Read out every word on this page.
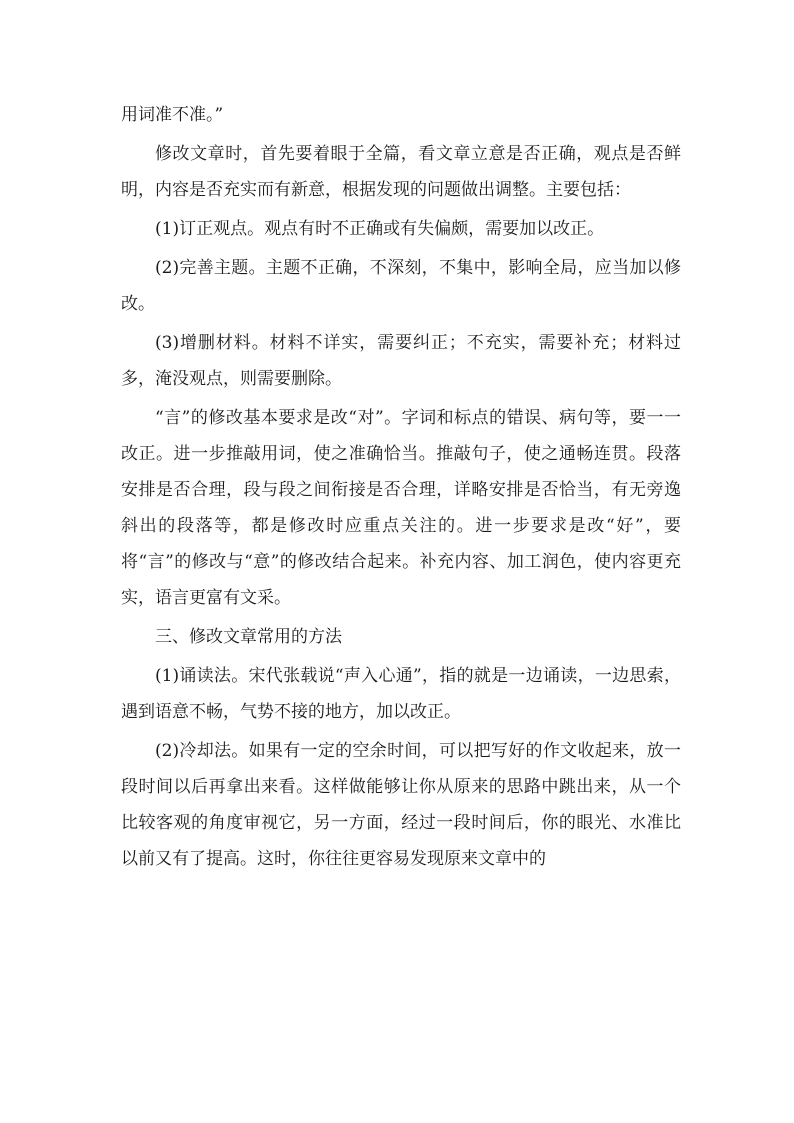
用词准不准。”

修改文章时，首先要着眼于全篇，看文章立意是否正确，观点是否鲜明，内容是否充实而有新意，根据发现的问题做出调整。主要包括：

(1)订正观点。观点有时不正确或有失偏颇，需要加以改正。

(2)完善主题。主题不正确，不深刻，不集中，影响全局，应当加以修改。

(3)增删材料。材料不详实，需要纠正；不充实，需要补充；材料过多，淹没观点，则需要删除。

“言”的修改基本要求是改“对”。字词和标点的错误、病句等，要一一改正。进一步推敲用词，使之准确恰当。推敲句子，使之通畅连贯。段落安排是否合理，段与段之间衔接是否合理，详略安排是否恰当，有无旁逸斜出的段落等，都是修改时应重点关注的。进一步要求是改“好”，要将“言”的修改与“意”的修改结合起来。补充内容、加工润色，使内容更充实，语言更富有文采。

三、修改文章常用的方法

(1)诵读法。宋代张载说“声入心通”，指的就是一边诵读，一边思索，遇到语意不畅，气势不接的地方，加以改正。

(2)冷却法。如果有一定的空余时间，可以把写好的作文收起来，放一段时间以后再拿出来看。这样做能够让你从原来的思路中跳出来，从一个比较客观的角度审视它，另一方面，经过一段时间后，你的眼光、水准比以前又有了提高。这时，你往往更容易发现原来文章中的
